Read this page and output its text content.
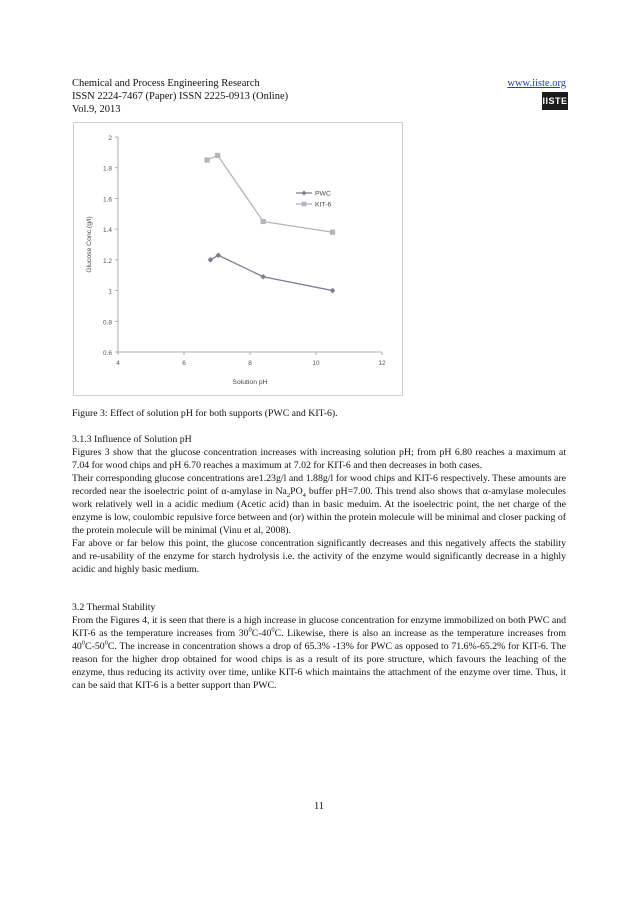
Chemical and Process Engineering Research
ISSN 2224-7467 (Paper) ISSN 2225-0913 (Online)
Vol.9, 2013
www.iiste.org
IISTE
0.6
0.8
1
1.2
1.4
1.6
1.8
2
4	6	8	10	12
Solution pH
Glucose Conc.(g/l)
PWC
KIT-6
Figure 3: Effect of solution pH for both supports (PWC and KIT-6).

3.1.3 Influence of Solution pH

Figures 3 show that the glucose concentration increases with increasing solution pH; from pH 6.80 reaches a maximum at 7.04 for wood chips and pH 6.70 reaches a maximum at 7.02 for KIT-6 and then decreases in both cases.

Their corresponding glucose concentrations are1.23g/l and 1.88g/l for wood chips and KIT-6 respectively. These amounts are recorded near the isoelectric point of α-amylase in $Na_2PO_4$ buffer pH=7.00. This trend also shows that α-amylase molecules work relatively well in a acidic medium (Acetic acid) than in basic meduim. At the isoelectric point, the net charge of the enzyme is low, coulombic repulsive force between and (or) within the protein molecule will be minimal and closer packing of the protein molecule will be minimal (Vinu et al, 2008).

Far above or far below this point, the glucose concentration significantly decreases and this negatively affects the stability and re-usability of the enzyme for starch hydrolysis i.e. the activity of the enzyme would significantly decrease in a highly acidic and highly basic medium.

3.2 Thermal Stability

From the Figures 4, it is seen that there is a high increase in glucose concentration for enzyme immobilized on both PWC and KIT-6 as the temperature increases from $30^0C-40^0C$. Likewise, there is also an increase as the temperature increases from $40^0C-50^0C$. The increase in concentration shows a drop of 65.3% -13% for PWC as opposed to 71.6%-65.2% for KIT-6. The reason for the higher drop obtained for wood chips is as a result of its pore structure, which favours the leaching of the enzyme, thus reducing its activity over time, unlike KIT-6 which maintains the attachment of the enzyme over time. Thus, it can be said that KIT-6 is a better support than PWC.

11
